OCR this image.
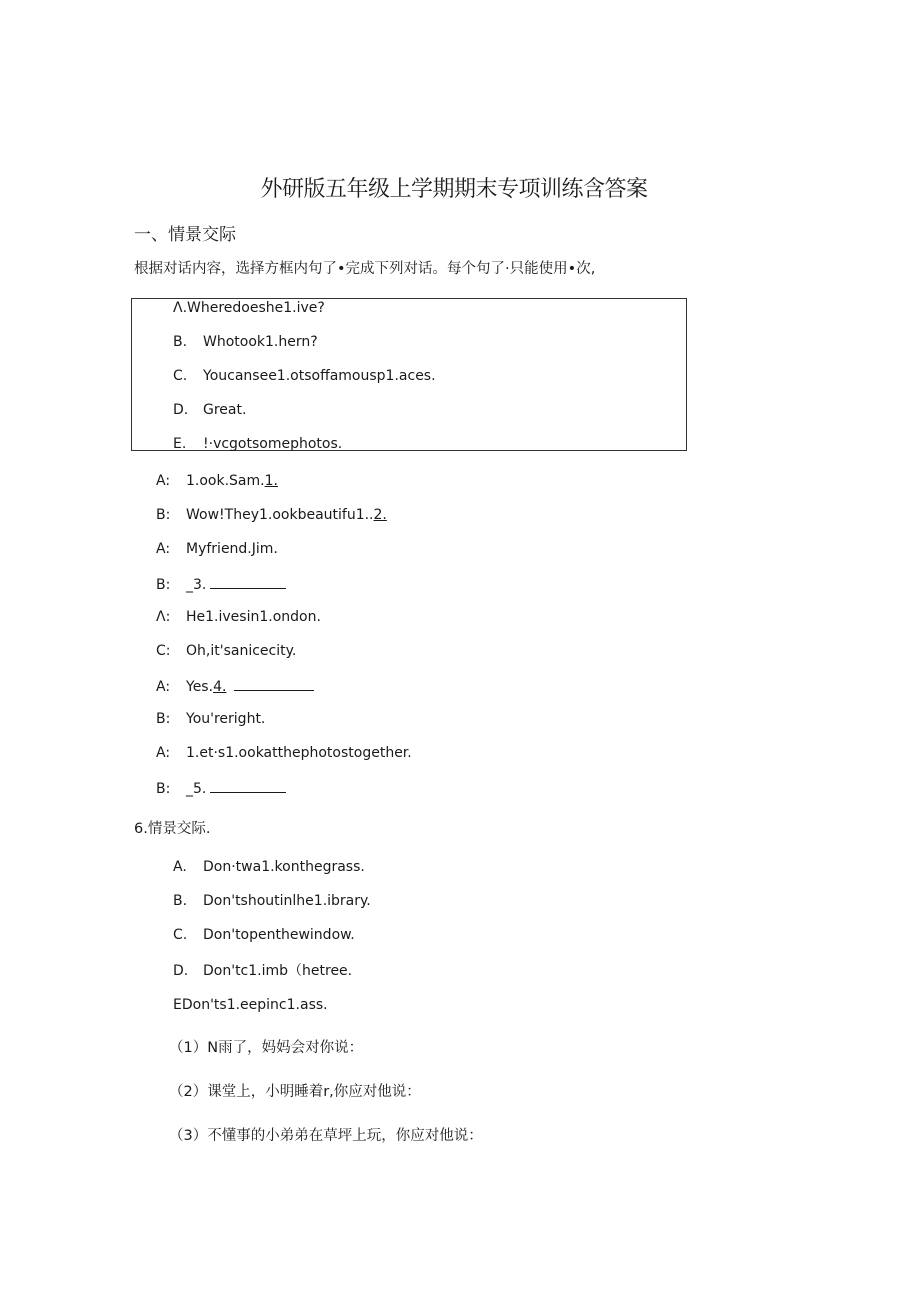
外研版五年级上学期期末专项训练含答案
一、情景交际
根据对话内容，选择方框内句了•完成下列对话。每个句了·只能使用•次,
Λ.Wheredoeshe1.ive?
B. Whotook1.hern?
C. Youcansee1.otsoffamousp1.aces.
D. Great.
E. !·vcgotsomephotos.
A: 1.ook.Sam.1.
B: Wow!They1.ookbeautifu1..2.
A: Myfriend.Jim.
B: _3.
Λ: He1.ivesin1.ondon.
C: Oh,it'sanicecity.
A: Yes.4.
B: You'reright.
A: 1.et·s1.ookatthephotostogether.
B: _5.
6.情景交际.
A. Don·twa1.konthegrass.
B. Don'tshoutinlhe1.ibrary.
C. Don'topenthewindow.
D. Don'tc1.imb（hetree.
EDon'ts1.eepinc1.ass.
（1）N雨了，妈妈会对你说：
（2）课堂上，小明睡着r,你应对他说：
（3）不懂事的小弟弟在草坪上玩，你应对他说：
